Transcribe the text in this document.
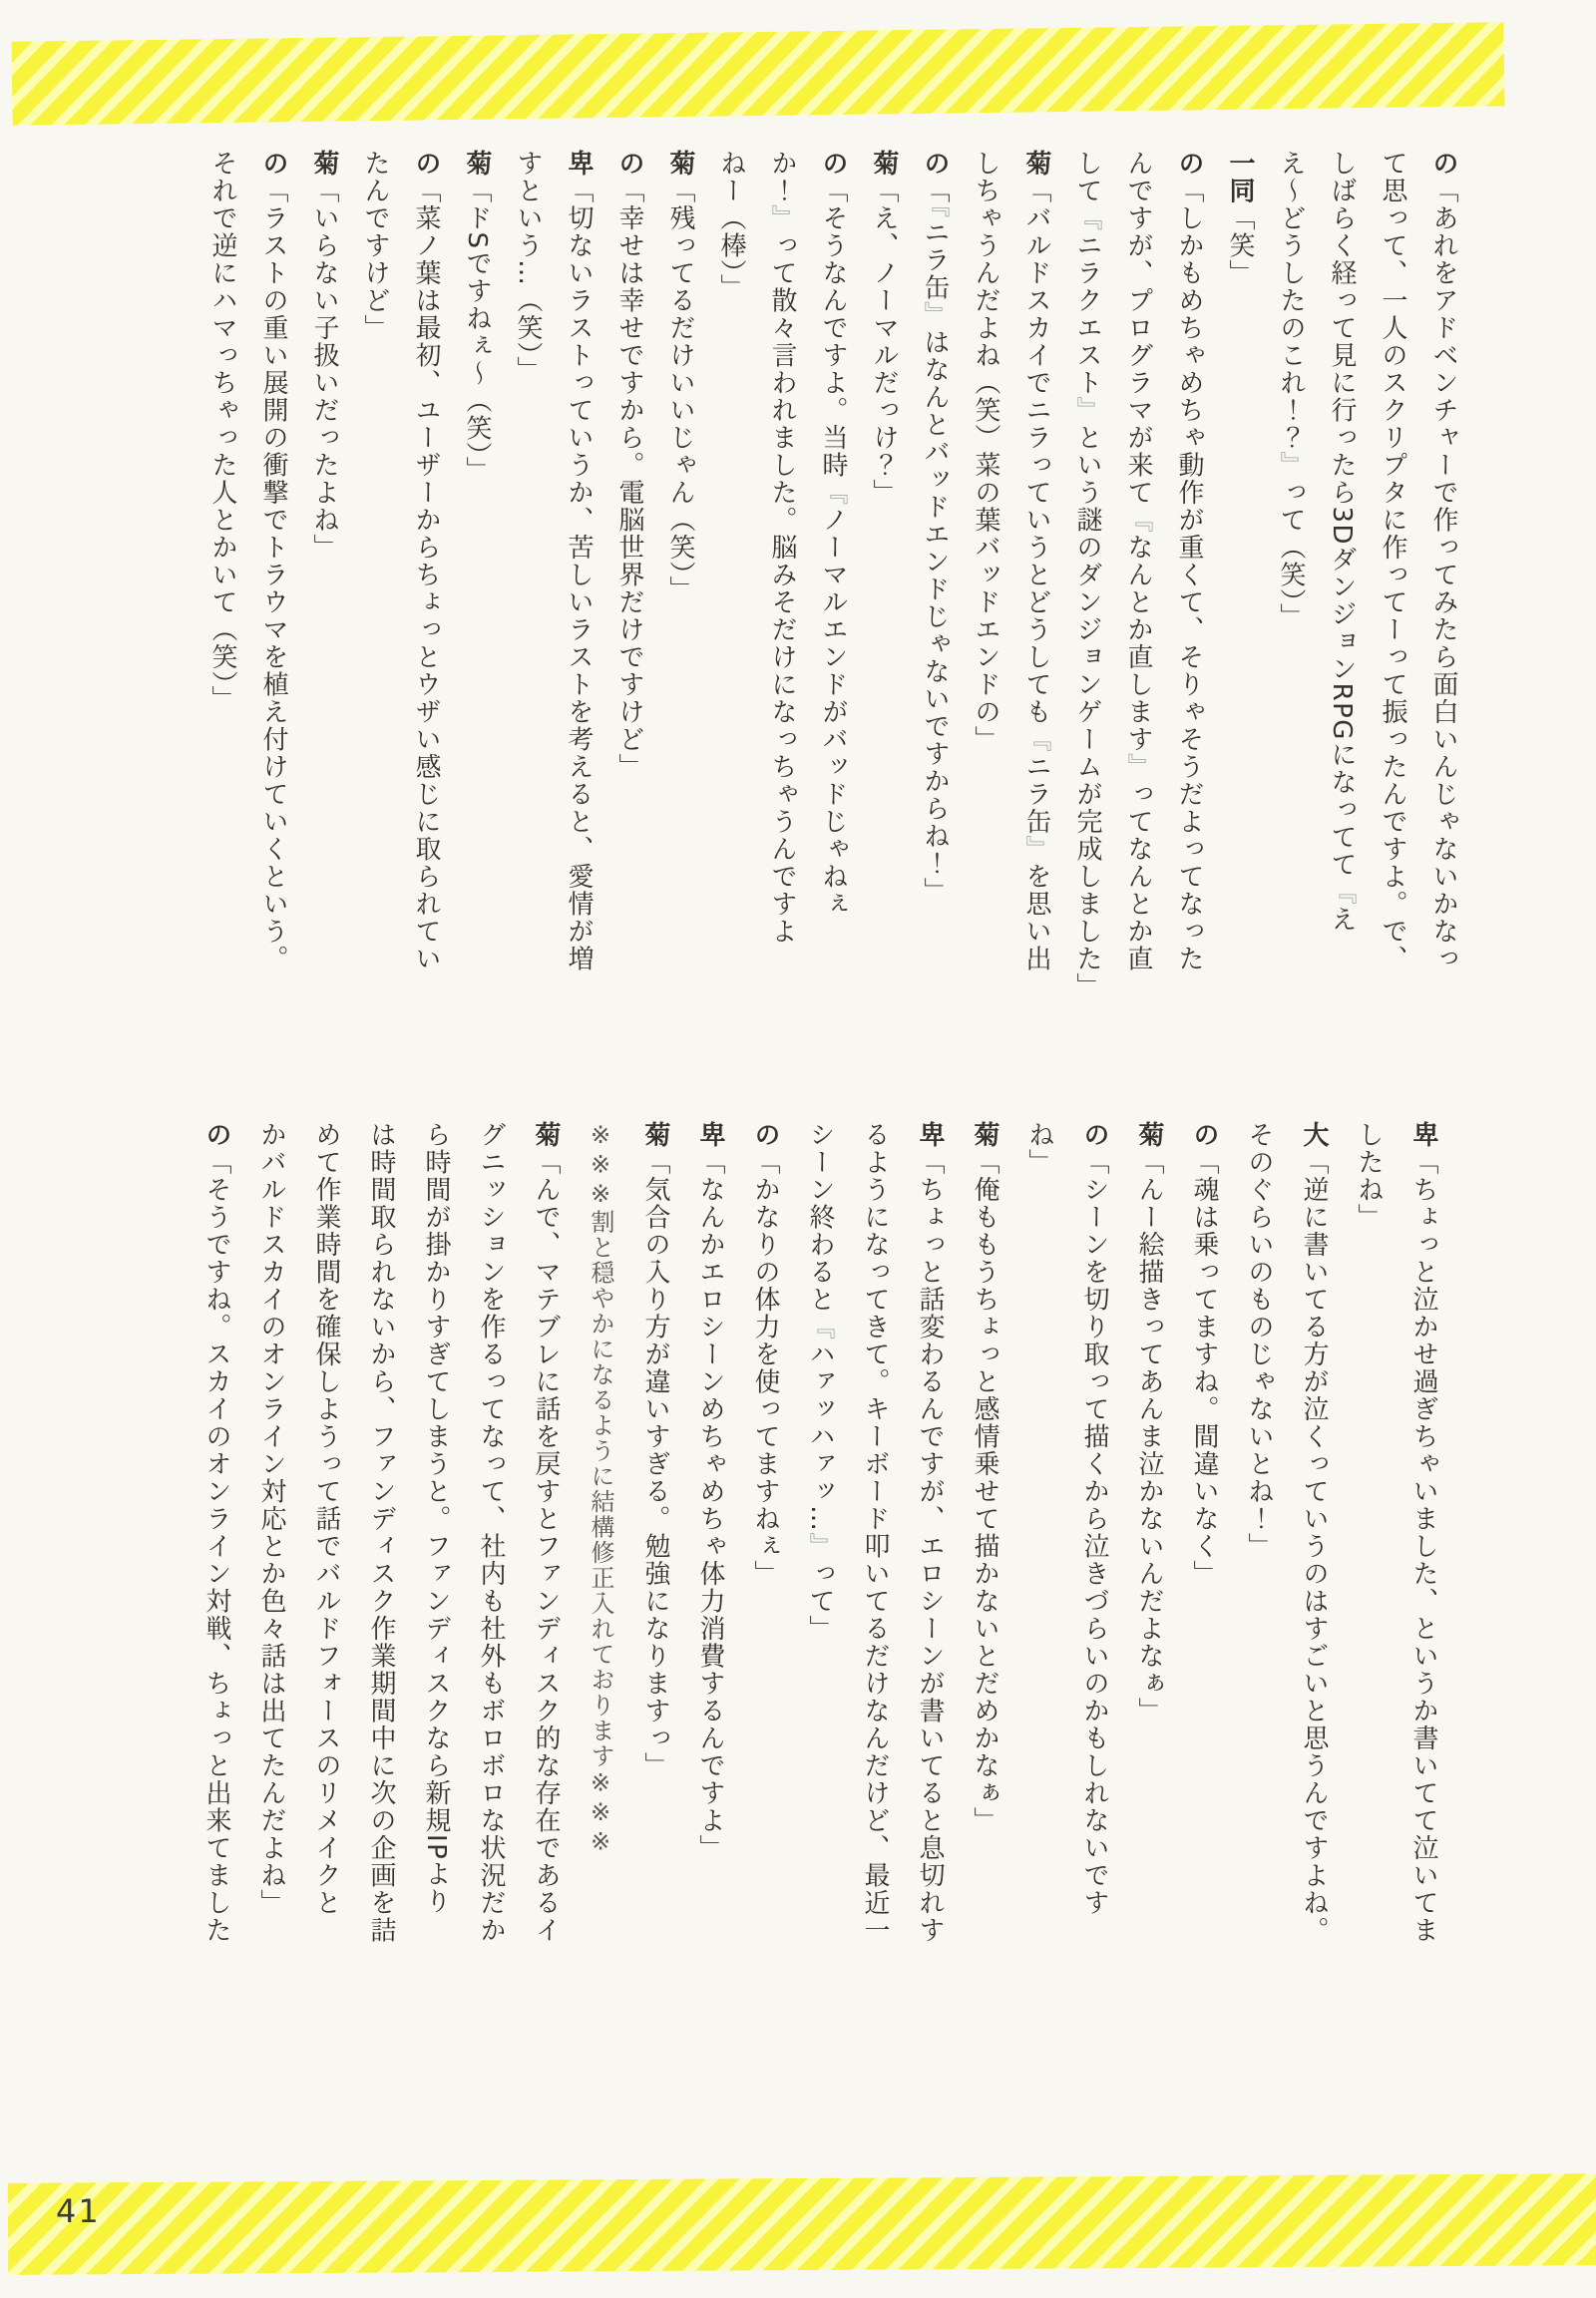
41

の「あれをアドベンチャーで作ってみたら面白いんじゃないかなっ

て思って、一人のスクリプタに作ってーって振ったんですよ。で、

しばらく経って見に行ったら3DダンジョンRPGになってて『え

え〜どうしたのこれ！？』って（笑）」

一同「笑」

の「しかもめちゃめちゃ動作が重くて、そりゃそうだよってなった

んですが、プログラマが来て『なんとか直します』ってなんとか直

して『ニラクエスト』という謎のダンジョンゲームが完成しました」

菊「バルドスカイでニラっていうとどうしても『ニラ缶』を思い出

しちゃうんだよね（笑）菜の葉バッドエンドの」

の「『ニラ缶』はなんとバッドエンドじゃないですからね！」

菊「え、ノーマルだっけ？」

の「そうなんですよ。当時『ノーマルエンドがバッドじゃねぇ

か！』って散々言われました。脳みそだけになっちゃうんですよ

ねー（棒）」

菊「残ってるだけいいじゃん（笑）」

の「幸せは幸せですから。電脳世界だけですけど」

卑「切ないラストっていうか、苦しいラストを考えると、愛情が増

すという…（笑）」

菊「ドSですねぇ〜（笑）」

の「菜ノ葉は最初、ユーザーからちょっとウザい感じに取られてい

たんですけど」

菊「いらない子扱いだったよね」

の「ラストの重い展開の衝撃でトラウマを植え付けていくという。

それで逆にハマっちゃった人とかいて（笑）」

卑「ちょっと泣かせ過ぎちゃいました、というか書いてて泣いてま

したね」

大「逆に書いてる方が泣くっていうのはすごいと思うんですよね。

そのぐらいのものじゃないとね！」

の「魂は乗ってますね。間違いなく」

菊「んー絵描きってあんま泣かないんだよなぁ」

の「シーンを切り取って描くから泣きづらいのかもしれないです

ね」

菊「俺ももうちょっと感情乗せて描かないとだめかなぁ」

卑「ちょっと話変わるんですが、エロシーンが書いてると息切れす

るようになってきて。キーボード叩いてるだけなんだけど、最近一

シーン終わると『ハァッハァッ…』って」

の「かなりの体力を使ってますねぇ」

卑「なんかエロシーンめちゃめちゃ体力消費するんですよ」

菊「気合の入り方が違いすぎる。勉強になりますっ」

※※※割と穏やかになるように結構修正入れております※※※

菊「んで、マテブレに話を戻すとファンディスク的な存在であるイ

グニッションを作るってなって、社内も社外もボロボロな状況だか

ら時間が掛かりすぎてしまうと。ファンディスクなら新規IPより

は時間取られないから、ファンディスク作業期間中に次の企画を詰

めて作業時間を確保しようって話でバルドフォースのリメイクと

かバルドスカイのオンライン対応とか色々話は出てたんだよね」

の「そうですね。スカイのオンライン対戦、ちょっと出来てました
